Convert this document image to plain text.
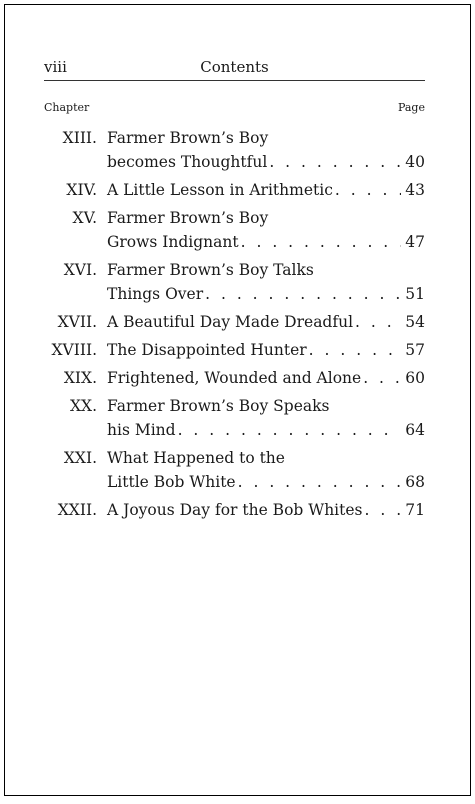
viii	Contents
Chapter	Page
XIII. Farmer Brown’s Boy
becomes Thoughtful . . .	40
XIV. A Little Lesson in Arithmetic . . .	43
XV. Farmer Brown’s Boy
Grows Indignant . . .	47
XVI. Farmer Brown’s Boy Talks
Things Over . . .	51
XVII. A Beautiful Day Made Dreadful . . .	54
XVIII. The Disappointed Hunter . . .	57
XIX. Frightened, Wounded and Alone . . .	60
XX. Farmer Brown’s Boy Speaks
his Mind . . .	64
XXI. What Happened to the
Little Bob White . . .	68
XXII. A Joyous Day for the Bob Whites . . .	71
